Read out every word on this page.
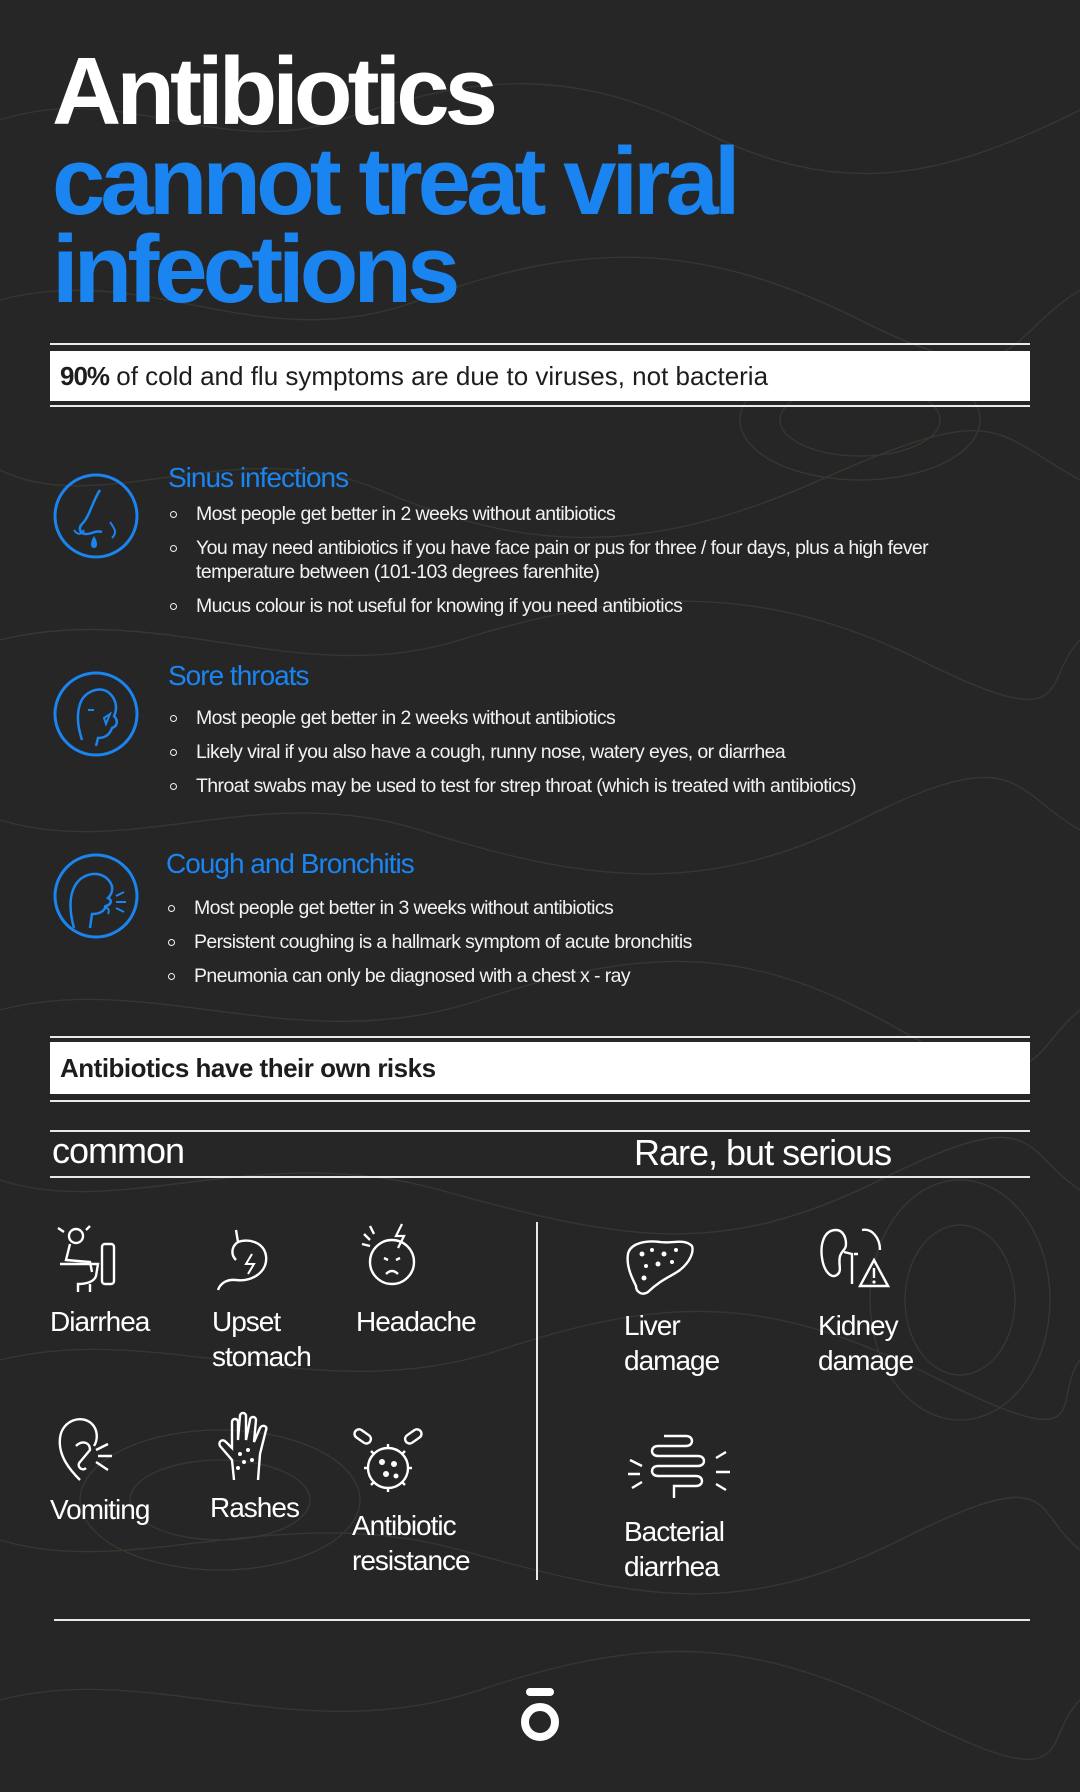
Antibiotics
cannot treat viral
infections
90% of cold and flu symptoms are due to viruses, not bacteria
Sinus infections
Most people get better in 2 weeks without antibiotics
You may need antibiotics if you have face pain or pus for three / four days, plus a high fever temperature between (101-103 degrees farenhite)
Mucus colour is not useful for knowing if you need antibiotics
Sore throats
Most people get better in 2 weeks without antibiotics
Likely viral if you also have a cough, runny nose, watery eyes, or diarrhea
Throat swabs may be used to test for strep throat (which is treated with antibiotics)
Cough and Bronchitis
Most people get better in 3 weeks without antibiotics
Persistent coughing is a hallmark symptom of acute bronchitis
Pneumonia can only be diagnosed with a chest x - ray
Antibiotics have their own risks
common	Rare, but serious
Diarrhea	Upset
stomach
Headache
Vomiting	Rashes
Antibiotic
resistance
Liver
damage
Kidney
damage
Bacterial
diarrhea
